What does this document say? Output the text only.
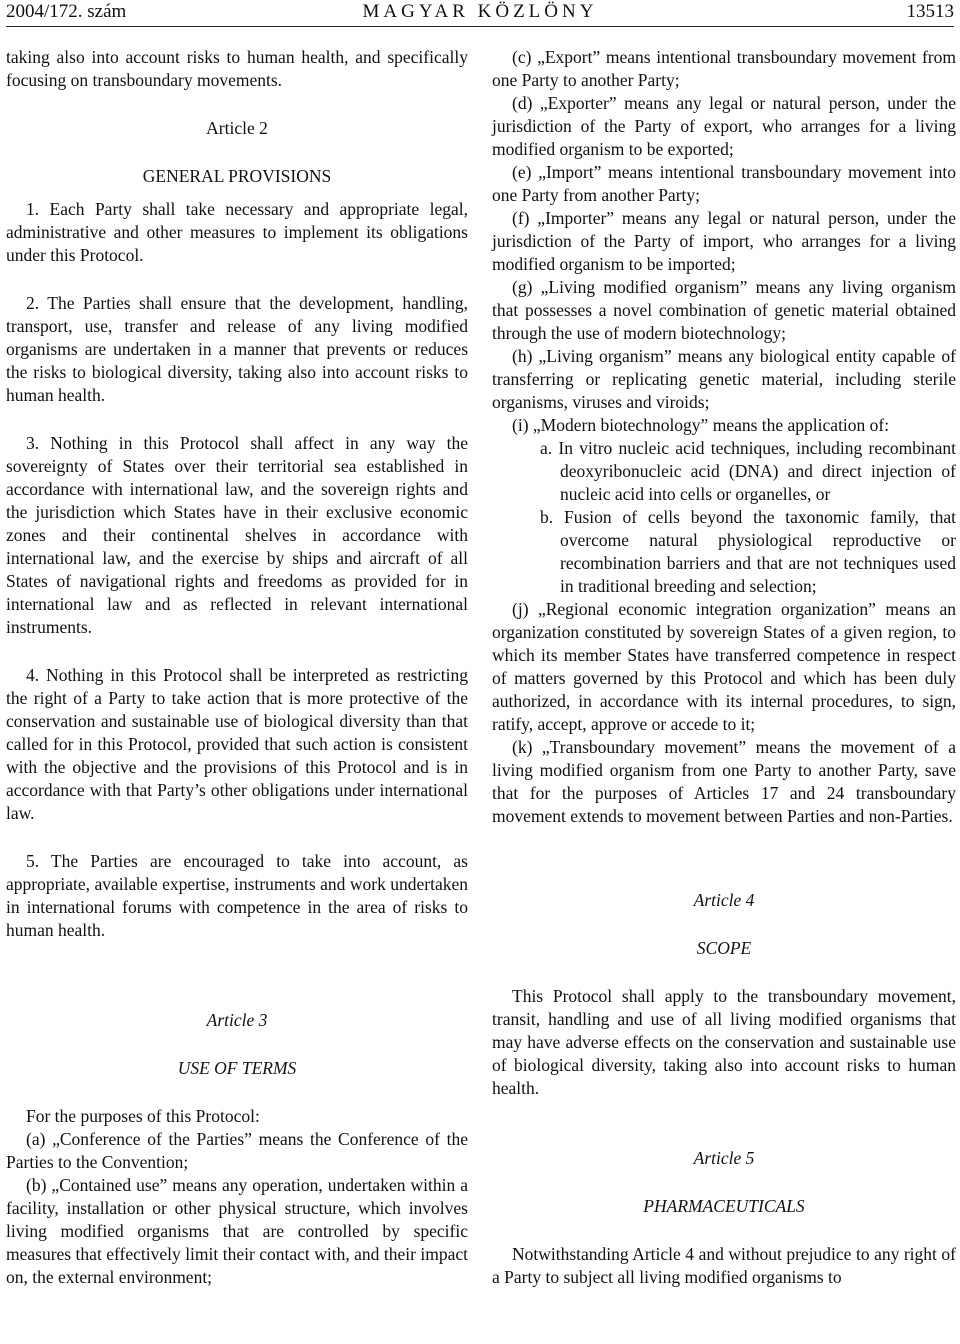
2004/172. szám	MAGYAR KÖZLÖNY	13513

taking also into account risks to human health, and specifically focusing on transboundary movements.

Article 2

GENERAL PROVISIONS

1. Each Party shall take necessary and appropriate legal, administrative and other measures to implement its obligations under this Protocol.

2. The Parties shall ensure that the development, handling, transport, use, transfer and release of any living modified organisms are undertaken in a manner that prevents or reduces the risks to biological diversity, taking also into account risks to human health.

3. Nothing in this Protocol shall affect in any way the sovereignty of States over their territorial sea established in accordance with international law, and the sovereign rights and the jurisdiction which States have in their exclusive economic zones and their continental shelves in accordance with international law, and the exercise by ships and aircraft of all States of navigational rights and freedoms as provided for in international law and as reflected in relevant international instruments.

4. Nothing in this Protocol shall be interpreted as restricting the right of a Party to take action that is more protective of the conservation and sustainable use of biological diversity than that called for in this Protocol, provided that such action is consistent with the objective and the provisions of this Protocol and is in accordance with that Party’s other obligations under international law.

5. The Parties are encouraged to take into account, as appropriate, available expertise, instruments and work undertaken in international forums with competence in the area of risks to human health.

Article 3

USE OF TERMS

For the purposes of this Protocol:

(a) „Conference of the Parties” means the Conference of the Parties to the Convention;

(b) „Contained use” means any operation, undertaken within a facility, installation or other physical structure, which involves living modified organisms that are controlled by specific measures that effectively limit their contact with, and their impact on, the external environment;

(c) „Export” means intentional transboundary movement from one Party to another Party;

(d) „Exporter” means any legal or natural person, under the jurisdiction of the Party of export, who arranges for a living modified organism to be exported;

(e) „Import” means intentional transboundary movement into one Party from another Party;

(f) „Importer” means any legal or natural person, under the jurisdiction of the Party of import, who arranges for a living modified organism to be imported;

(g) „Living modified organism” means any living organism that possesses a novel combination of genetic material obtained through the use of modern biotechnology;

(h) „Living organism” means any biological entity capable of transferring or replicating genetic material, including sterile organisms, viruses and viroids;

(i) „Modern biotechnology” means the application of:

a. In vitro nucleic acid techniques, including recombinant deoxyribonucleic acid (DNA) and direct injection of nucleic acid into cells or organelles, or

b. Fusion of cells beyond the taxonomic family, that overcome natural physiological reproductive or recombination barriers and that are not techniques used in traditional breeding and selection;

(j) „Regional economic integration organization” means an organization constituted by sovereign States of a given region, to which its member States have transferred competence in respect of matters governed by this Protocol and which has been duly authorized, in accordance with its internal procedures, to sign, ratify, accept, approve or accede to it;

(k) „Transboundary movement” means the movement of a living modified organism from one Party to another Party, save that for the purposes of Articles 17 and 24 transboundary movement extends to movement between Parties and non-Parties.

Article 4

SCOPE

This Protocol shall apply to the transboundary movement, transit, handling and use of all living modified organisms that may have adverse effects on the conservation and sustainable use of biological diversity, taking also into account risks to human health.

Article 5

PHARMACEUTICALS

Notwithstanding Article 4 and without prejudice to any right of a Party to subject all living modified organisms to
